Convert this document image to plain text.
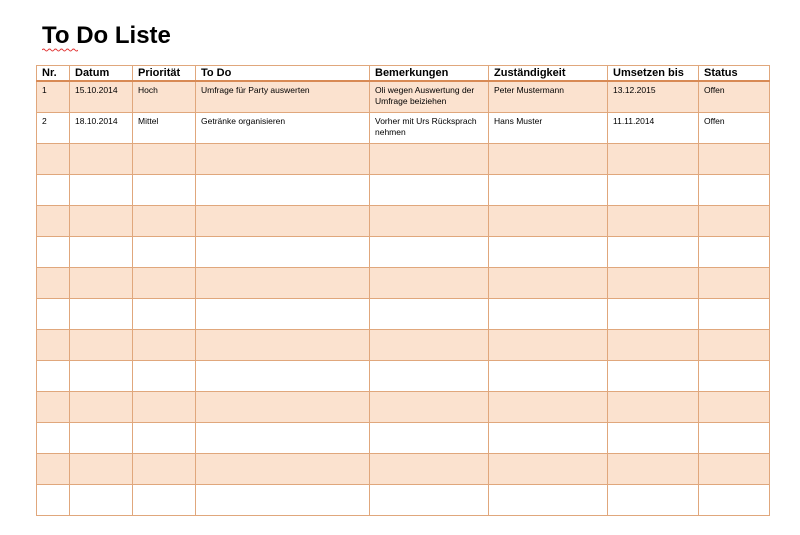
To Do Liste
Nr.	Datum	Priorität	To Do	Bemerkungen	Zuständigkeit	Umsetzen bis	Status
1	15.10.2014	Hoch	Umfrage für Party auswerten	Oli wegen Auswertung der Umfrage beiziehen	Peter Mustermann	13.12.2015	Offen
2	18.10.2014	Mittel	Getränke organisieren	Vorher mit Urs Rücksprach nehmen	Hans Muster	11.11.2014	Offen
